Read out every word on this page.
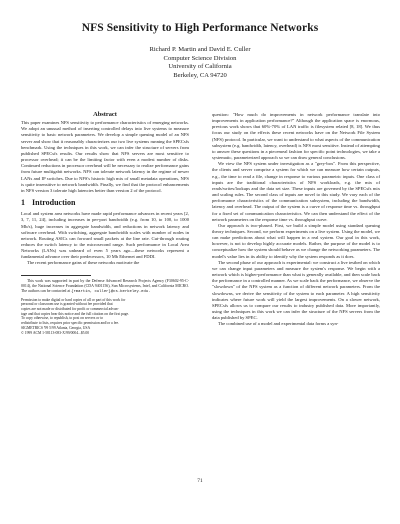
NFS Sensitivity to High Performance Networks
Richard P. Martin and David E. Culler
Computer Science Division
University of California
Berkeley, CA 94720
Abstract

This paper examines NFS sensitivity to performance characteristics of emerging networks. We adopt an unusual method of inserting controlled delays into live systems to measure sensitivity to basic network parameters. We develop a simple queuing model of an NFS server and show that it reasonably characterizes our two live systems running the SPECsfs benchmark. Using the techniques in this work, we can infer the structure of servers from published SPECsfs results. Our results show that NFS servers are most sensitive to processor overhead; it can be the limiting factor with even a modest number of disks. Continued reductions in processor overhead will be necessary to realize performance gains from future multigabit networks. NFS can tolerate network latency in the regime of newer LANs and IP switches. Due to NFS's historic high mix of small metadata operations, NFS is quite insensitive to network bandwidth. Finally, we find that the protocol enhancements in NFS version 3 tolerate high latencies better than version 2 of the protocol.

1 Introduction

Local and system area networks have made rapid performance advances in recent years [2, 3, 7, 11, 24], including increases in per-port bandwidth (e.g. from 10, to 100, to 1000 Mb/s), huge increases in aggregate bandwidth, and reductions in network latency and software overhead. With switching, aggregate bandwidth scales with number of nodes in network. Routing ASICs can forward small packets at the line rate. Cut-through routing reduces the switch latency to the microsecond range. Such performance in Local Area Networks (LANs) was unheard of even 5 years ago—these networks represent a fundamental advance over their predecessors, 10 Mb Ethernet and FDDI.

The recent performance gains of these networks motivate the

This work was supported in part by the Defense Advanced Research Projects Agency (F30602-95-C-0014), the National Science Foundation (CDA 9401156), Sun Microsystems, Intel, and California MICRO. The authors can be contacted at {rmartin, culler}@cs.berkeley.edu.
Permission to make digital or hard copies of all or part of this work for
personal or classroom use is granted without fee provided that
copies are not made or distributed for profit or commercial advan-
tage and that copies bear this notice and the full citation on the first page.
To copy otherwise, to republish, to post on servers or to
redistribute to lists, requires prior specific permission and/or a fee.
SIGMETRICS '99 5/99 Atlanta, Georgia, USA
© 1999 ACM 1-58113-083-X/99/0004...$5.00

question: "How much do improvements in network performance translate into improvements in application performance?" Although the application space is enormous, previous work shows that 60%-70% of LAN traffic is filesystem related [8, 18]. We thus focus our study on the effects these recent networks have on the Network File System (NFS) protocol. In particular, we want to understand to what aspects of the communication subsystem (e.g. bandwidth, latency, overhead) is NFS most sensitive. Instead of attempting to answer these questions in a piecemeal fashion for specific point technologies, we take a systematic, parameterized approach so we can draw general conclusions.

We view the NFS system under investigation as a "grey-box". From this perspective, the clients and server comprise a system for which we can measure how certain outputs, e.g., the time to read a file, change in response to various parametric inputs. One class of inputs are the traditional characteristics of NFS workloads, e.g. the mix of reads/writes/lookups and the data set size. These inputs are governed by the SPECsfs mix and scaling rules. The second class of inputs are novel to this study. We vary each of the performance characteristics of the communication subsystem, including the bandwidth, latency and overhead. The output of the system is a curve of response time vs. throughput for a fixed set of communication characteristics. We can then understand the effect of the network parameters on the response time vs. throughput curve.

Our approach is two-phased. First, we build a simple model using standard queuing theory techniques. Second, we perform experiments on a live system. Using the model, we can make predictions about what will happen in a real system. Our goal in this work, however, is not to develop highly accurate models. Rather, the purpose of the model is to conceptualize how the system should behave as we change the networking parameters. The model's value lies in its ability to identify why the system responds as it does.

The second phase of our approach is experimental: we construct a live testbed on which we can change input parameters and measure the system's response. We begin with a network which is higher-performance than what is generally available, and then scale back the performance in a controlled manner. As we scale back the performance, we observe the "slowdown" of the NFS system as a function of different network parameters. From the slowdowns, we derive the sensitivity of the system to each parameter. A high sensitivity indicates where future work will yield the largest improvements. On a slower network, SPECsfs allows us to compare our results to industry published data. More importantly, using the techniques in this work we can infer the structure of the NFS servers from the data published by SPEC.

The combined use of a model and experimental data forms a syn-

71
